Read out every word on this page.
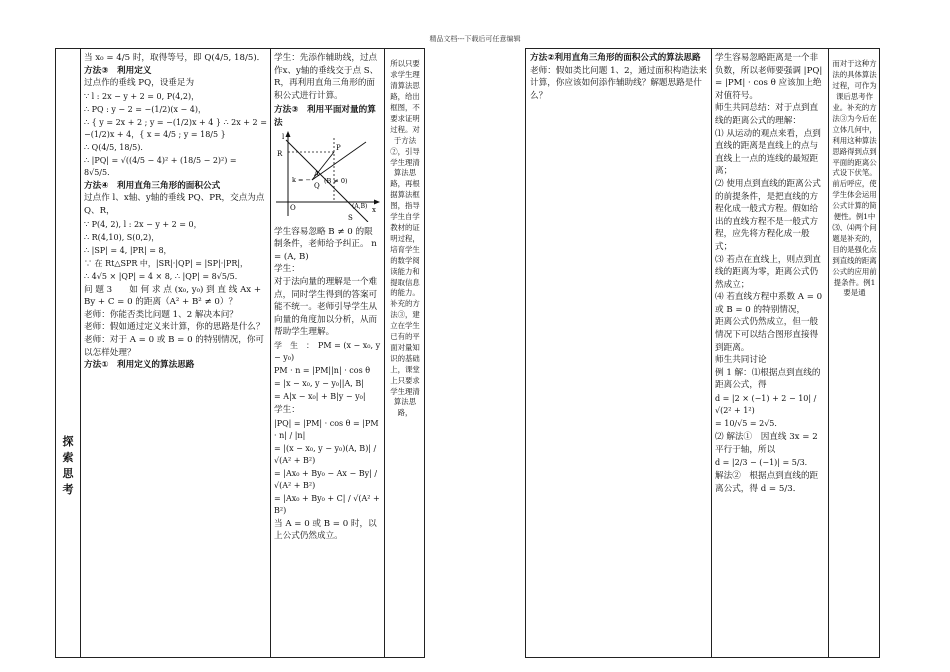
精品文档---下载后可任意编辑
探
索
思
考

当 x₀ = 4/5 时，取得等号，即 Q(4/5, 18/5)．

方法③　利用定义

过点作的垂线 PQ，设垂足为

∵ l : 2x − y + 2 = 0, P(4,2)，

∴ PQ : y − 2 = −(1/2)(x − 4)，

∴ { y = 2x + 2 ; y = −(1/2)x + 4 } ∴ 2x + 2 = −(1/2)x + 4，{ x = 4/5 ; y = 18/5 }

∴ Q(4/5, 18/5)．

∴ |PQ| = √((4/5 − 4)² + (18/5 − 2)²) = 8√5/5．

方法④　利用直角三角形的面积公式

过点作 l、x轴、y轴的垂线 PQ、PR，交点为点 Q、R，

∵ P(4, 2), l : 2x − y + 2 = 0，

∴ R(4,10), S(0,2)，

∴ |SP| = 4, |PR| = 8，

∵ 在 Rt△SPR 中，|SR|·|QP| = |SP|·|PR|，

∴ 4√5 × |QP| = 4 × 8, ∴ |QP| = 8√5/5．

问 题 3　　如 何 求 点 (x₀, y₀) 到 直 线 Ax + By + C = 0 的距离（A² + B² ≠ 0）？

老师：你能否类比问题 1、2 解决本问？

老师：假如通过定义来计算，你的思路是什么？

老师：对于 A = 0 或 B = 0 的特别情况，你可以怎样处理？

方法①　利用定义的算法思路

学生：先添作辅助线，过点作x、y轴的垂线交于点 S、R，再利用直角三角形的面积公式进行计算。

方法③　利用平面对量的算法

l
R
P
Q
A
(B ≠ 0)
k = −
O	x
S
(A,B)

学生容易忽略 B ≠ 0 的限制条件，老师给予纠正。 n = (A, B)

学生：

对于法向量的理解是一个难点，同时学生得到的答案可能不统一。老师引导学生从向量的角度加以分析，从而帮助学生理解。

学　生　：　PM = (x − x₀, y − y₀)

PM · n = |PM||n| · cos θ

= |x − x₀, y − y₀||A, B|

= A|x − x₀| + B|y − y₀|

学生：

|PQ| = |PM| · cos θ = |PM · n| / |n|

= |(x − x₀, y − y₀)(A, B)| / √(A² + B²)

= |Ax₀ + By₀ − Ax − By| / √(A² + B²)

= |Ax₀ + By₀ + C| / √(A² + B²)

当 A = 0 或 B = 0 时，以上公式仍然成立。

所以只要求学生理清算法思路，给出框图，不要求证明过程。对于方法②，引导学生理清算法思路，再根据算法框图，指导学生自学教材的证明过程，培育学生的数学阅读能力和提取信息的能力。补充的方法③，建立在学生已有的平面对量知识的基础上，课堂上只要求学生理清算法思路，

方法②利用直角三角形的面积公式的算法思路

老师：假如类比问题 1、2，通过面积构造法来计算，你应该如何添作辅助线？解题思路是什么？

学生容易忽略距离是一个非负数，所以老师要强调 |PQ| = |PM| · cos θ 应该加上绝对值符号。

师生共同总结：对于点到直线的距离公式的理解：

⑴ 从运动的观点来看，点到直线的距离是直线上的点与直线上一点的连线的最短距离；

⑵ 使用点到直线的距离公式的前提条件，是把直线的方程化成一般式方程。假如给出的直线方程不是一般式方程，应先将方程化成一般式；

⑶ 若点在直线上，则点到直线的距离为零，距离公式仍然成立；

⑷ 若直线方程中系数 A = 0 或 B = 0 的特别情况，

距离公式仍然成立，但一般情况下可以结合图形直接得到距离。

师生共同讨论

例 1 解：⑴根据点到直线的距离公式，得

d = |2 × (−1) + 2 − 10| / √(2² + 1²)

= 10/√5 = 2√5．

⑵ 解法①　因直线 3x = 2

平行于轴，所以

d = |2/3 − (−1)| = 5/3．

解法②　根据点到直线的距离公式，得 d = 5/3．

而对于这种方法的具体算法过程，可作为课后思考作业。补充的方法③为今后在立体几何中，利用这种算法思路得到点到平面的距离公式设下伏笔。前后呼应，使学生体会运用公式计算的简便性。例1中⑶、⑷两个问题是补充的，目的是强化点到直线的距离公式的应用前提条件。例1要是通
